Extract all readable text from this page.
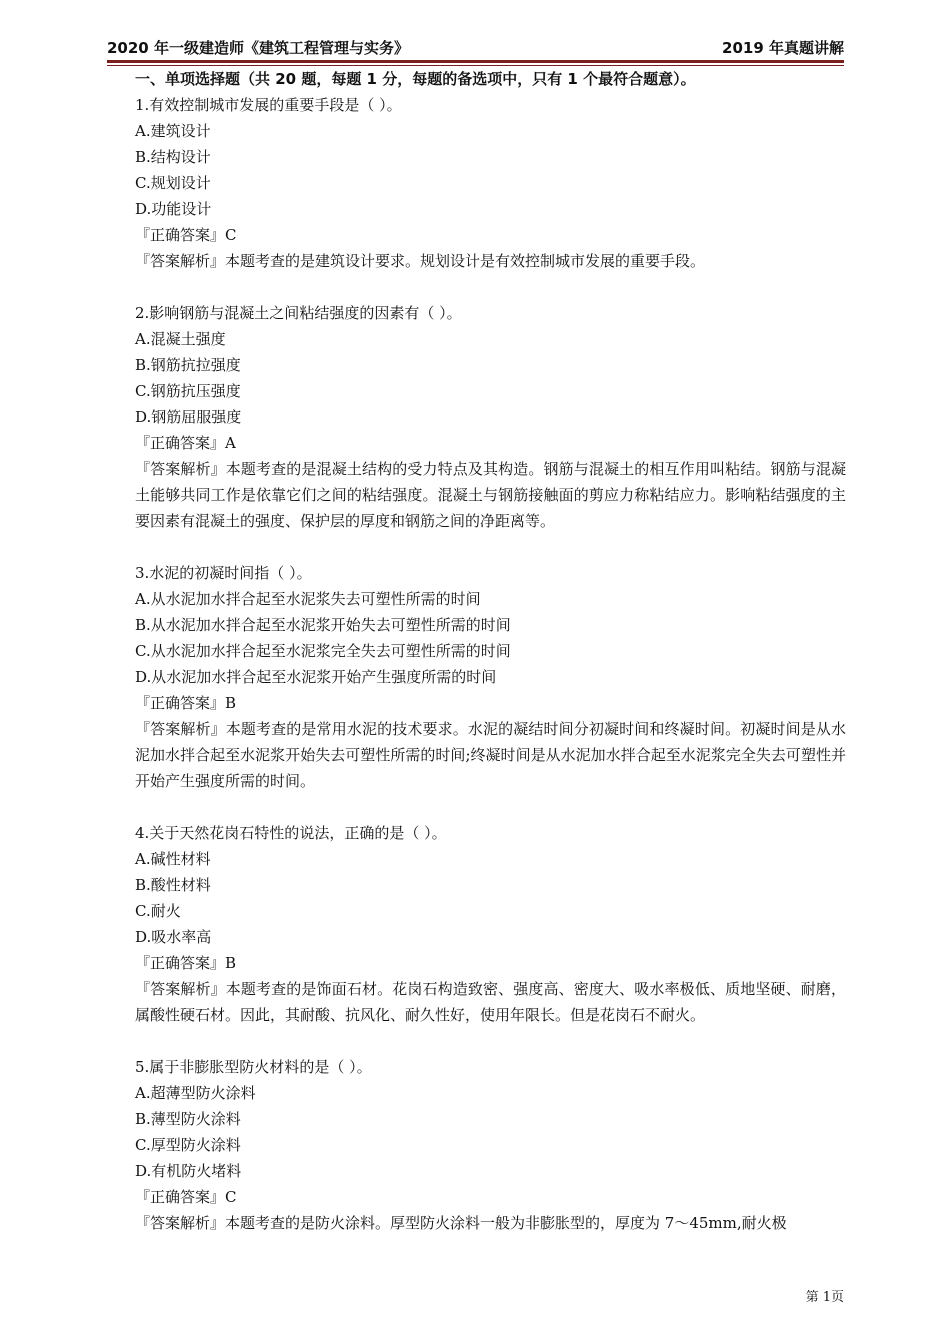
2020 年一级建造师《建筑工程管理与实务》	2019 年真题讲解
一、单项选择题（共 20 题，每题 1 分，每题的备选项中，只有 1 个最符合题意）。
1.有效控制城市发展的重要手段是（ ）。
A.建筑设计
B.结构设计
C.规划设计
D.功能设计
『正确答案』C
『答案解析』本题考查的是建筑设计要求。规划设计是有效控制城市发展的重要手段。
2.影响钢筋与混凝土之间粘结强度的因素有（ ）。
A.混凝土强度
B.钢筋抗拉强度
C.钢筋抗压强度
D.钢筋屈服强度
『正确答案』A
『答案解析』本题考查的是混凝土结构的受力特点及其构造。钢筋与混凝土的相互作用叫粘结。钢筋与混凝土能够共同工作是依靠它们之间的粘结强度。混凝土与钢筋接触面的剪应力称粘结应力。影响粘结强度的主要因素有混凝土的强度、保护层的厚度和钢筋之间的净距离等。
3.水泥的初凝时间指（ ）。
A.从水泥加水拌合起至水泥浆失去可塑性所需的时间
B.从水泥加水拌合起至水泥浆开始失去可塑性所需的时间
C.从水泥加水拌合起至水泥浆完全失去可塑性所需的时间
D.从水泥加水拌合起至水泥浆开始产生强度所需的时间
『正确答案』B
『答案解析』本题考查的是常用水泥的技术要求。水泥的凝结时间分初凝时间和终凝时间。初凝时间是从水泥加水拌合起至水泥浆开始失去可塑性所需的时间;终凝时间是从水泥加水拌合起至水泥浆完全失去可塑性并开始产生强度所需的时间。
4.关于天然花岗石特性的说法，正确的是（ ）。
A.碱性材料
B.酸性材料
C.耐火
D.吸水率高
『正确答案』B
『答案解析』本题考查的是饰面石材。花岗石构造致密、强度高、密度大、吸水率极低、质地坚硬、耐磨，属酸性硬石材。因此，其耐酸、抗风化、耐久性好，使用年限长。但是花岗石不耐火。
5.属于非膨胀型防火材料的是（ ）。
A.超薄型防火涂料
B.薄型防火涂料
C.厚型防火涂料
D.有机防火堵料
『正确答案』C
『答案解析』本题考查的是防火涂料。厚型防火涂料一般为非膨胀型的，厚度为 7～45mm,耐火极
第 1页
